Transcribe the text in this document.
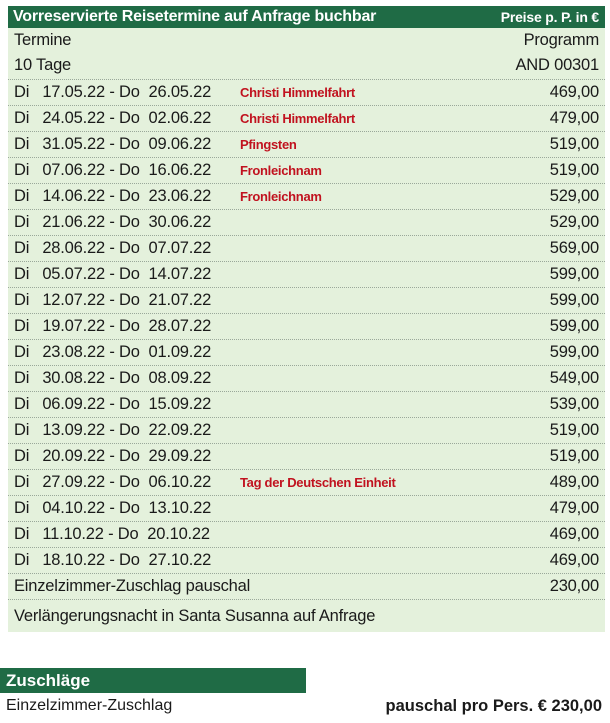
Vorreservierte Reisetermine auf Anfrage buchbar	Preise p. P. in €
Termine	Programm
10 Tage	AND 00301
Di   17.05.22 - Do  26.05.22	Christi Himmelfahrt	469,00
Di   24.05.22 - Do  02.06.22	Christi Himmelfahrt	479,00
Di   31.05.22 - Do  09.06.22	Pfingsten	519,00
Di   07.06.22 - Do  16.06.22	Fronleichnam	519,00
Di   14.06.22 - Do  23.06.22	Fronleichnam	529,00
Di   21.06.22 - Do  30.06.22	529,00
Di   28.06.22 - Do  07.07.22	569,00
Di   05.07.22 - Do  14.07.22	599,00
Di   12.07.22 - Do  21.07.22	599,00
Di   19.07.22 - Do  28.07.22	599,00
Di   23.08.22 - Do  01.09.22	599,00
Di   30.08.22 - Do  08.09.22	549,00
Di   06.09.22 - Do  15.09.22	539,00
Di   13.09.22 - Do  22.09.22	519,00
Di   20.09.22 - Do  29.09.22	519,00
Di   27.09.22 - Do  06.10.22	Tag der Deutschen Einheit	489,00
Di   04.10.22 - Do  13.10.22	479,00
Di   11.10.22 - Do  20.10.22	469,00
Di   18.10.22 - Do  27.10.22	469,00
Einzelzimmer-Zuschlag pauschal	230,00
Verlängerungsnacht in Santa Susanna auf Anfrage
Zuschläge
Einzelzimmer-Zuschlag	pauschal pro Pers. € 230,00
